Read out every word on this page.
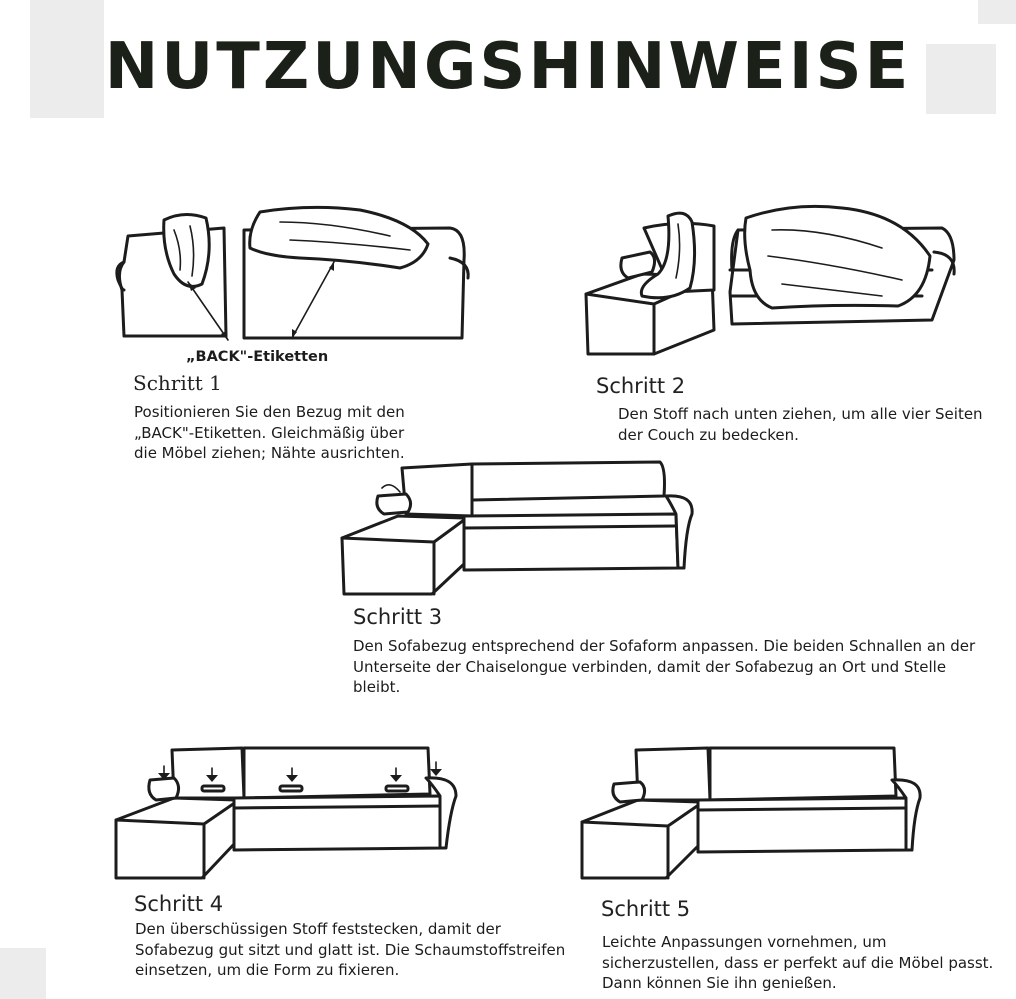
NUTZUNGSHINWEISE
„BACK"-Etiketten
Schritt 1
Positionieren Sie den Bezug mit den
„BACK"-Etiketten. Gleichmäßig über
die Möbel ziehen; Nähte ausrichten.
Schritt 2
Den Stoff nach unten ziehen, um alle vier Seiten
der Couch zu bedecken.
Schritt 3
Den Sofabezug entsprechend der Sofaform anpassen. Die beiden Schnallen an der
Unterseite der Chaiselongue verbinden, damit der Sofabezug an Ort und Stelle
bleibt.
Schritt 4
Den überschüssigen Stoff feststecken, damit der
Sofabezug gut sitzt und glatt ist. Die Schaumstoffstreifen
einsetzen, um die Form zu fixieren.
Schritt 5
Leichte Anpassungen vornehmen, um
sicherzustellen, dass er perfekt auf die Möbel passt.
Dann können Sie ihn genießen.
